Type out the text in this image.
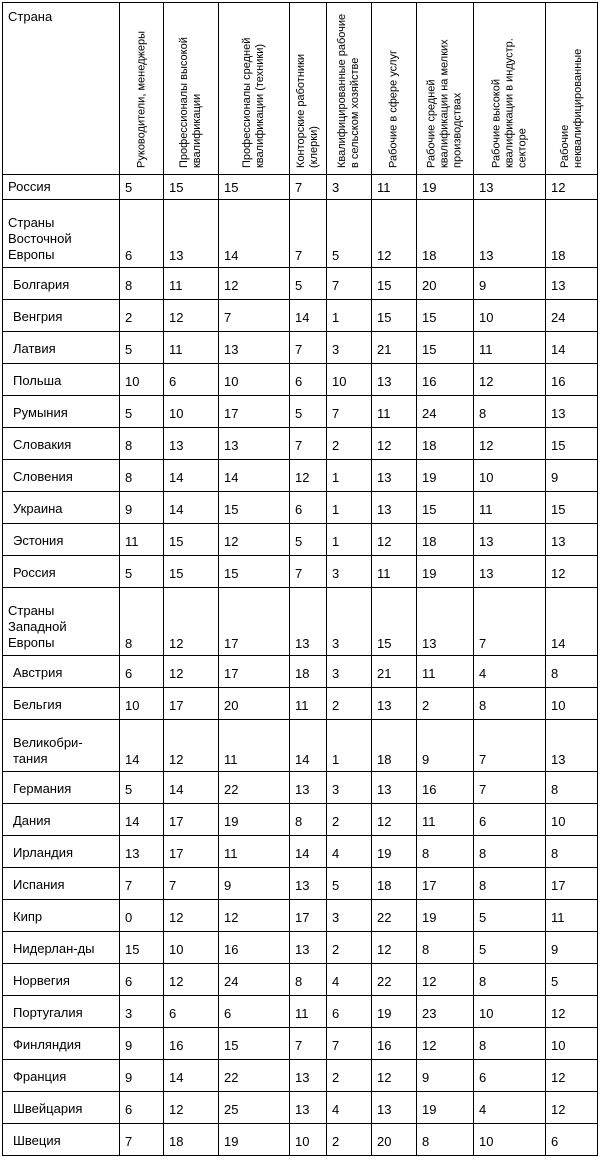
Страна	Руководители, менеджеры	Профессионалы высокой квалификации	Профессионалы средней квалификации (техники)	Конторские работники (клерки)	Квалифицированные рабочие в сельском хозяйстве	Рабочие в сфере услуг	Рабочие средней квалификации на мелких производствах	Рабочие высокой квалификации в индустр. секторе	Рабочие неквалифицированные

Россия	5	15	15	7	3	11	19	13	12
Страны Восточной Европы	6	13	14	7	5	12	18	13	18
Болгария	8	11	12	5	7	15	20	9	13
Венгрия	2	12	7	14	1	15	15	10	24
Латвия	5	11	13	7	3	21	15	11	14
Польша	10	6	10	6	10	13	16	12	16
Румыния	5	10	17	5	7	11	24	8	13
Словакия	8	13	13	7	2	12	18	12	15
Словения	8	14	14	12	1	13	19	10	9
Украина	9	14	15	6	1	13	15	11	15
Эстония	11	15	12	5	1	12	18	13	13
Россия	5	15	15	7	3	11	19	13	12
Страны Западной Европы	8	12	17	13	3	15	13	7	14
Австрия	6	12	17	18	3	21	11	4	8
Бельгия	10	17	20	11	2	13	2	8	10
Великобри-тания	14	12	11	14	1	18	9	7	13
Германия	5	14	22	13	3	13	16	7	8
Дания	14	17	19	8	2	12	11	6	10
Ирландия	13	17	11	14	4	19	8	8	8
Испания	7	7	9	13	5	18	17	8	17
Кипр	0	12	12	17	3	22	19	5	11
Нидерлан-ды	15	10	16	13	2	12	8	5	9
Норвегия	6	12	24	8	4	22	12	8	5
Португалия	3	6	6	11	6	19	23	10	12
Финляндия	9	16	15	7	7	16	12	8	10
Франция	9	14	22	13	2	12	9	6	12
Швейцария	6	12	25	13	4	13	19	4	12
Швеция	7	18	19	10	2	20	8	10	6
